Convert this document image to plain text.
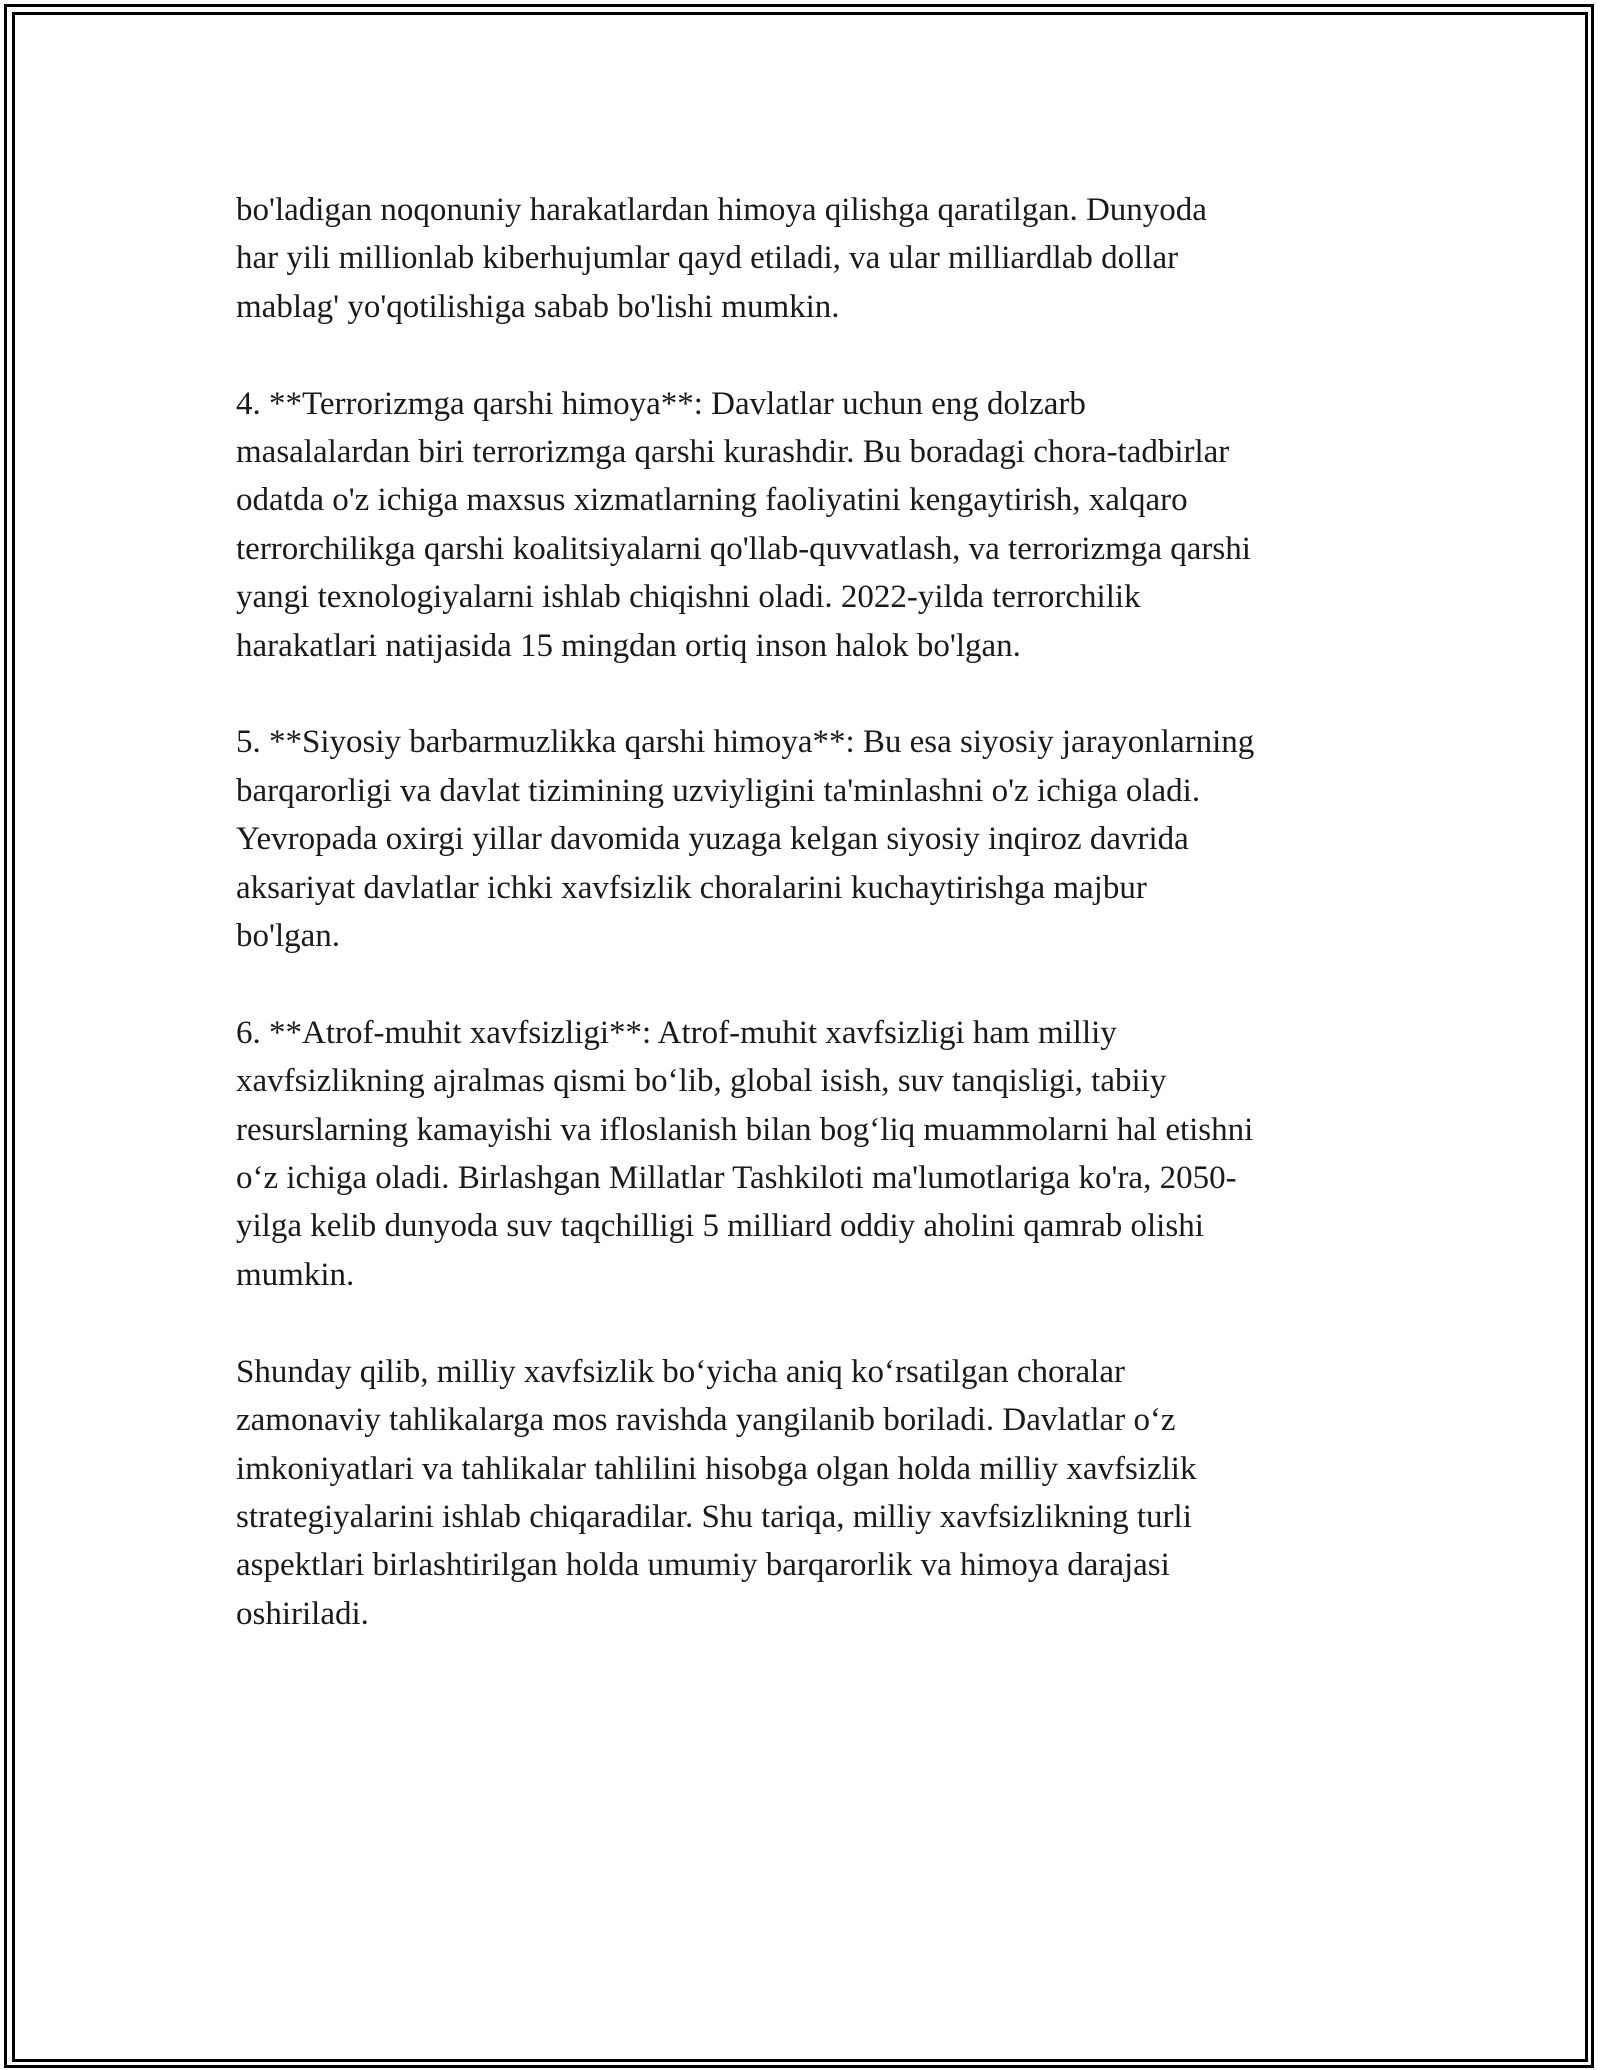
bo'ladigan noqonuniy harakatlardan himoya qilishga qaratilgan. Dunyoda
har yili millionlab kiberhujumlar qayd etiladi, va ular milliardlab dollar
mablag' yo'qotilishiga sabab bo'lishi mumkin.

4. **Terrorizmga qarshi himoya**: Davlatlar uchun eng dolzarb
masalalardan biri terrorizmga qarshi kurashdir. Bu boradagi chora-tadbirlar
odatda o'z ichiga maxsus xizmatlarning faoliyatini kengaytirish, xalqaro
terrorchilikga qarshi koalitsiyalarni qo'llab-quvvatlash, va terrorizmga qarshi
yangi texnologiyalarni ishlab chiqishni oladi. 2022-yilda terrorchilik
harakatlari natijasida 15 mingdan ortiq inson halok bo'lgan.

5. **Siyosiy barbarmuzlikka qarshi himoya**: Bu esa siyosiy jarayonlarning
barqarorligi va davlat tizimining uzviyligini ta'minlashni o'z ichiga oladi.
Yevropada oxirgi yillar davomida yuzaga kelgan siyosiy inqiroz davrida
aksariyat davlatlar ichki xavfsizlik choralarini kuchaytirishga majbur
bo'lgan.

6. **Atrof-muhit xavfsizligi**: Atrof-muhit xavfsizligi ham milliy
xavfsizlikning ajralmas qismi bo‘lib, global isish, suv tanqisligi, tabiiy
resurslarning kamayishi va ifloslanish bilan bog‘liq muammolarni hal etishni
o‘z ichiga oladi. Birlashgan Millatlar Tashkiloti ma'lumotlariga ko'ra, 2050-
yilga kelib dunyoda suv taqchilligi 5 milliard oddiy aholini qamrab olishi
mumkin.

Shunday qilib, milliy xavfsizlik bo‘yicha aniq ko‘rsatilgan choralar
zamonaviy tahlikalarga mos ravishda yangilanib boriladi. Davlatlar o‘z
imkoniyatlari va tahlikalar tahlilini hisobga olgan holda milliy xavfsizlik
strategiyalarini ishlab chiqaradilar. Shu tariqa, milliy xavfsizlikning turli
aspektlari birlashtirilgan holda umumiy barqarorlik va himoya darajasi
oshiriladi.
